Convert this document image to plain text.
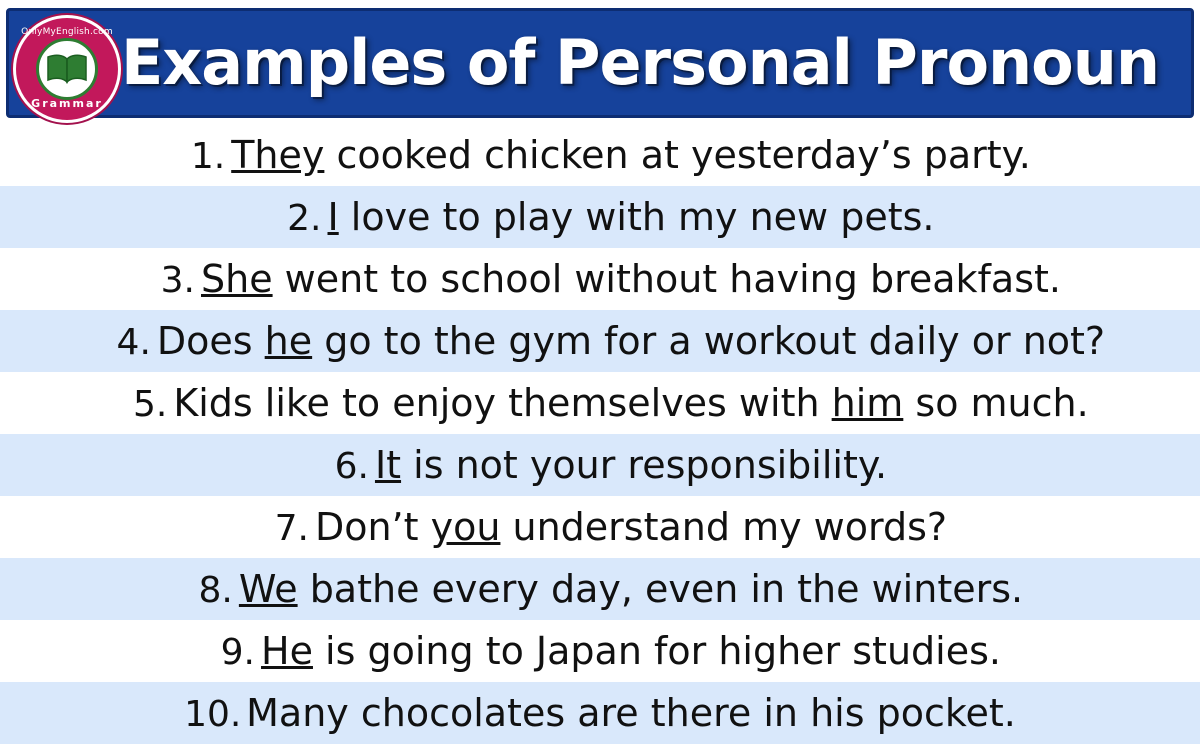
OnlyMyEnglish.com
Grammar
Examples of Personal Pronoun
1. They cooked chicken at yesterday’s party.
2. I love to play with my new pets.
3. She went to school without having breakfast.
4. Does he go to the gym for a workout daily or not?
5. Kids like to enjoy themselves with him so much.
6. It is not your responsibility.
7. Don’t you understand my words?
8. We bathe every day, even in the winters.
9. He is going to Japan for higher studies.
10. Many chocolates are there in his pocket.
